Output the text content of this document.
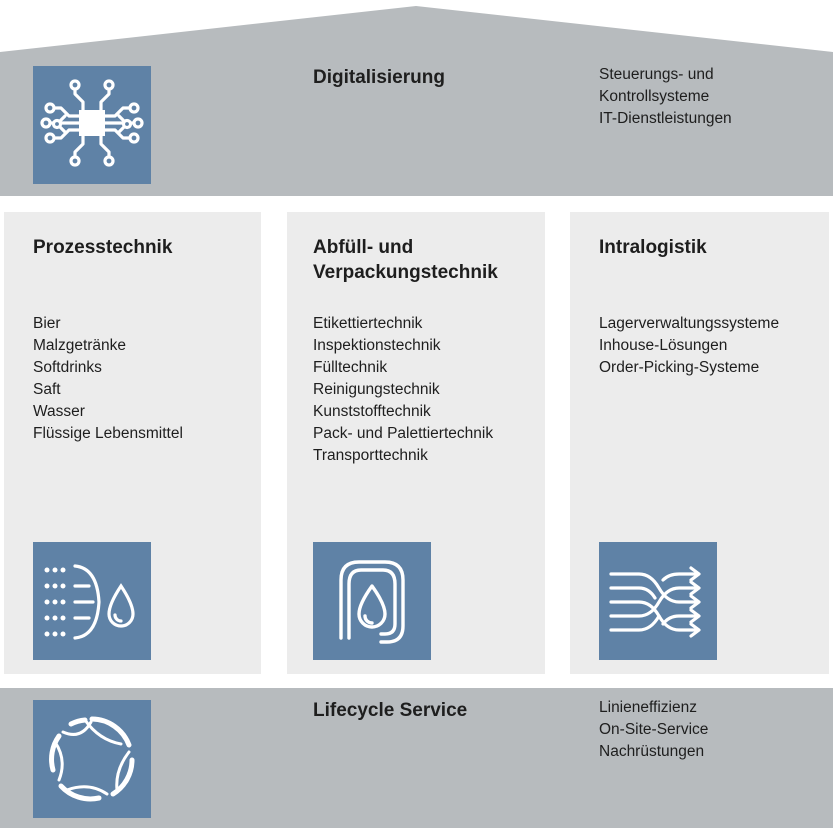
Digitalisierung	Steuerungs- und
Kontrollsysteme
IT-Dienstleistungen
Prozesstechnik
Bier
Malzgetränke
Softdrinks
Saft
Wasser
Flüssige Lebensmittel
Abfüll- und
Verpackungstechnik
Etikettiertechnik
Inspektionstechnik
Fülltechnik
Reinigungstechnik
Kunststofftechnik
Pack- und Palettiertechnik
Transporttechnik
Intralogistik
Lagerverwaltungssysteme
Inhouse-Lösungen
Order-Picking-Systeme
Lifecycle Service	Linieneffizienz
On-Site-Service
Nachrüstungen
